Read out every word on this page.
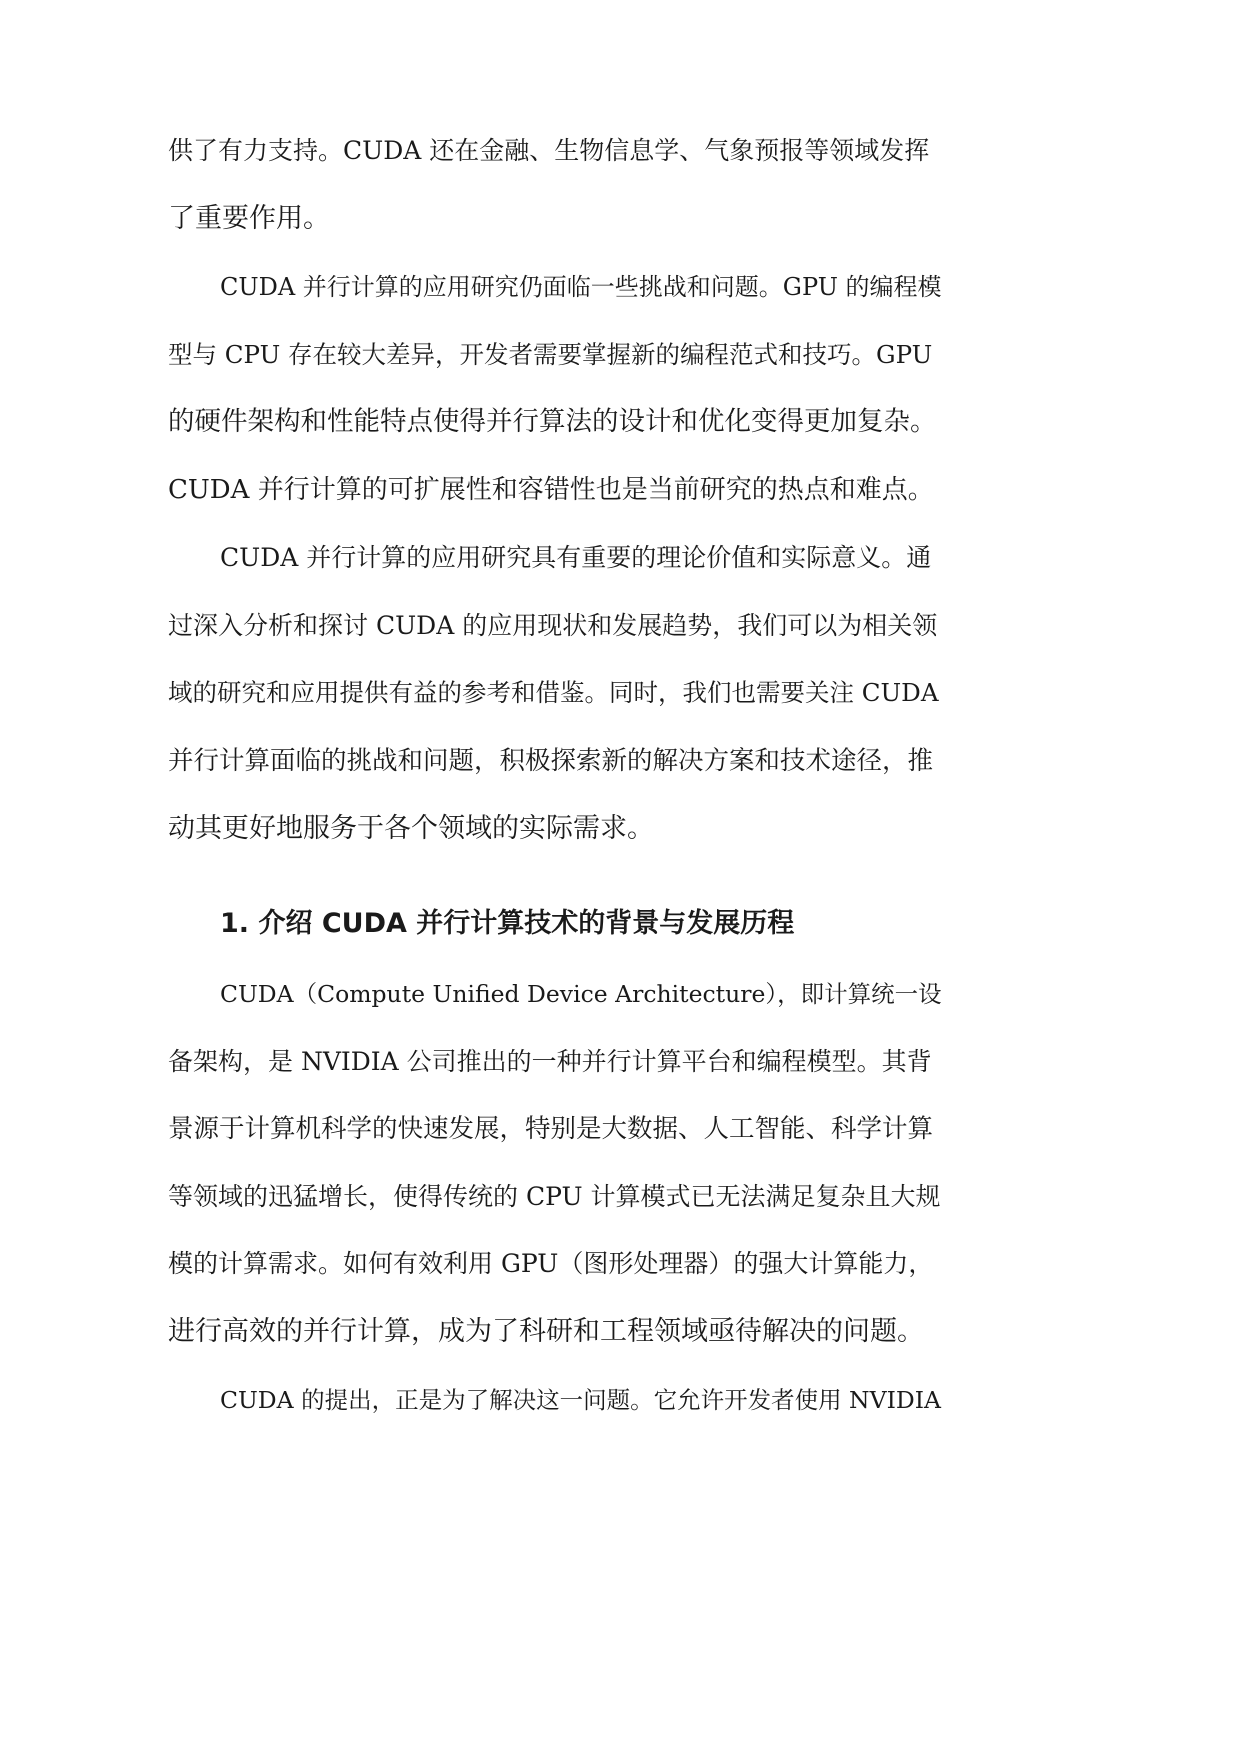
供了有力支持。CUDA 还在金融、生物信息学、气象预报等领域发挥
了重要作用。
CUDA 并行计算的应用研究仍面临一些挑战和问题。GPU 的编程模
型与 CPU 存在较大差异，开发者需要掌握新的编程范式和技巧。GPU
的硬件架构和性能特点使得并行算法的设计和优化变得更加复杂。
CUDA 并行计算的可扩展性和容错性也是当前研究的热点和难点。
CUDA 并行计算的应用研究具有重要的理论价值和实际意义。通
过深入分析和探讨 CUDA 的应用现状和发展趋势，我们可以为相关领
域的研究和应用提供有益的参考和借鉴。同时，我们也需要关注 CUDA
并行计算面临的挑战和问题，积极探索新的解决方案和技术途径，推
动其更好地服务于各个领域的实际需求。
1. 介绍 CUDA 并行计算技术的背景与发展历程
CUDA（Compute Unified Device Architecture），即计算统一设
备架构，是 NVIDIA 公司推出的一种并行计算平台和编程模型。其背
景源于计算机科学的快速发展，特别是大数据、人工智能、科学计算
等领域的迅猛增长，使得传统的 CPU 计算模式已无法满足复杂且大规
模的计算需求。如何有效利用 GPU（图形处理器）的强大计算能力，
进行高效的并行计算，成为了科研和工程领域亟待解决的问题。
CUDA 的提出，正是为了解决这一问题。它允许开发者使用 NVIDIA
